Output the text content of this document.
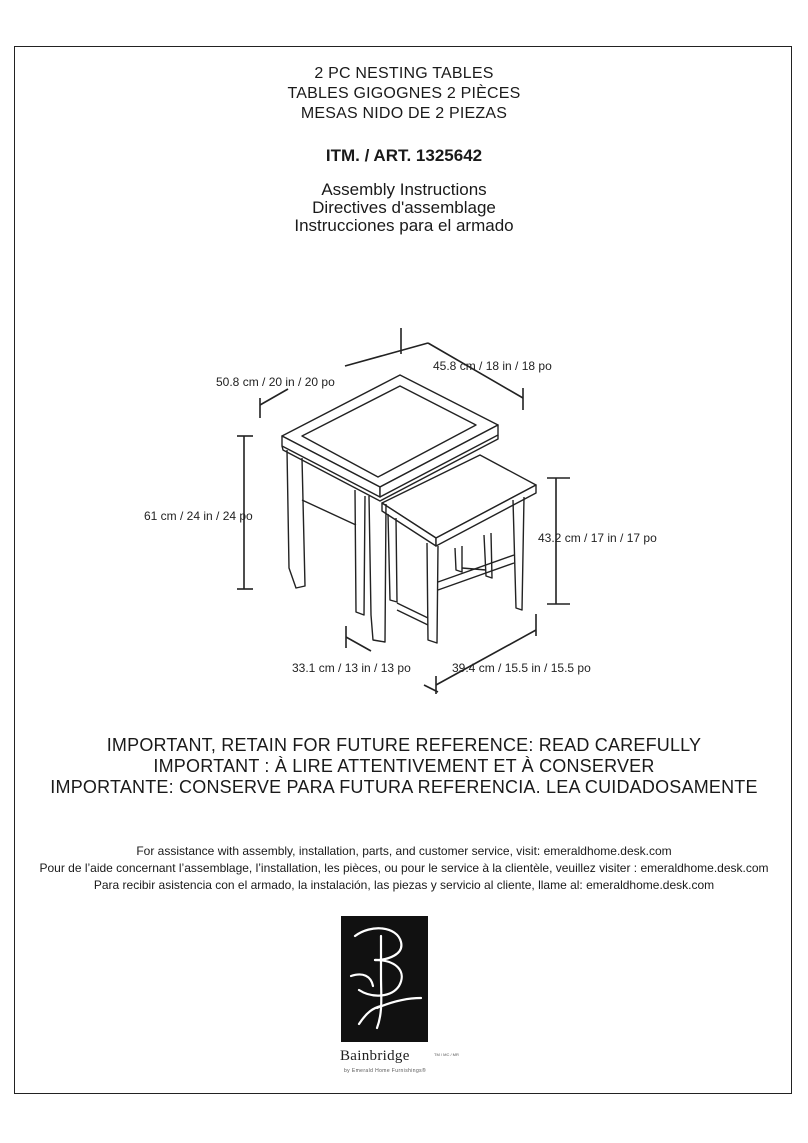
2 PC NESTING TABLES
TABLES GIGOGNES 2 PIÈCES
MESAS NIDO DE 2 PIEZAS
ITM. / ART. 1325642
Assembly Instructions
Directives d'assemblage
Instrucciones para el armado
45.8 cm / 18 in / 18 po
50.8 cm / 20 in / 20 po
61 cm / 24 in / 24 po
43.2 cm / 17 in / 17 po
33.1 cm / 13 in / 13 po	39.4 cm / 15.5 in / 15.5 po
IMPORTANT, RETAIN FOR FUTURE REFERENCE: READ CAREFULLY
IMPORTANT : À LIRE ATTENTIVEMENT ET À CONSERVER
IMPORTANTE: CONSERVE PARA FUTURA REFERENCIA. LEA CUIDADOSAMENTE
For assistance with assembly, installation, parts, and customer service, visit: emeraldhome.desk.com
Pour de l’aide concernant l’assemblage, l’installation, les pièces, ou pour le service à la clientèle, veuillez visiter : emeraldhome.desk.com
Para recibir asistencia con el armado, la instalación, las piezas y servicio al cliente, llame al: emeraldhome.desk.com
Bainbridge	TM / MC / MR
by Emerald Home Furnishings®
